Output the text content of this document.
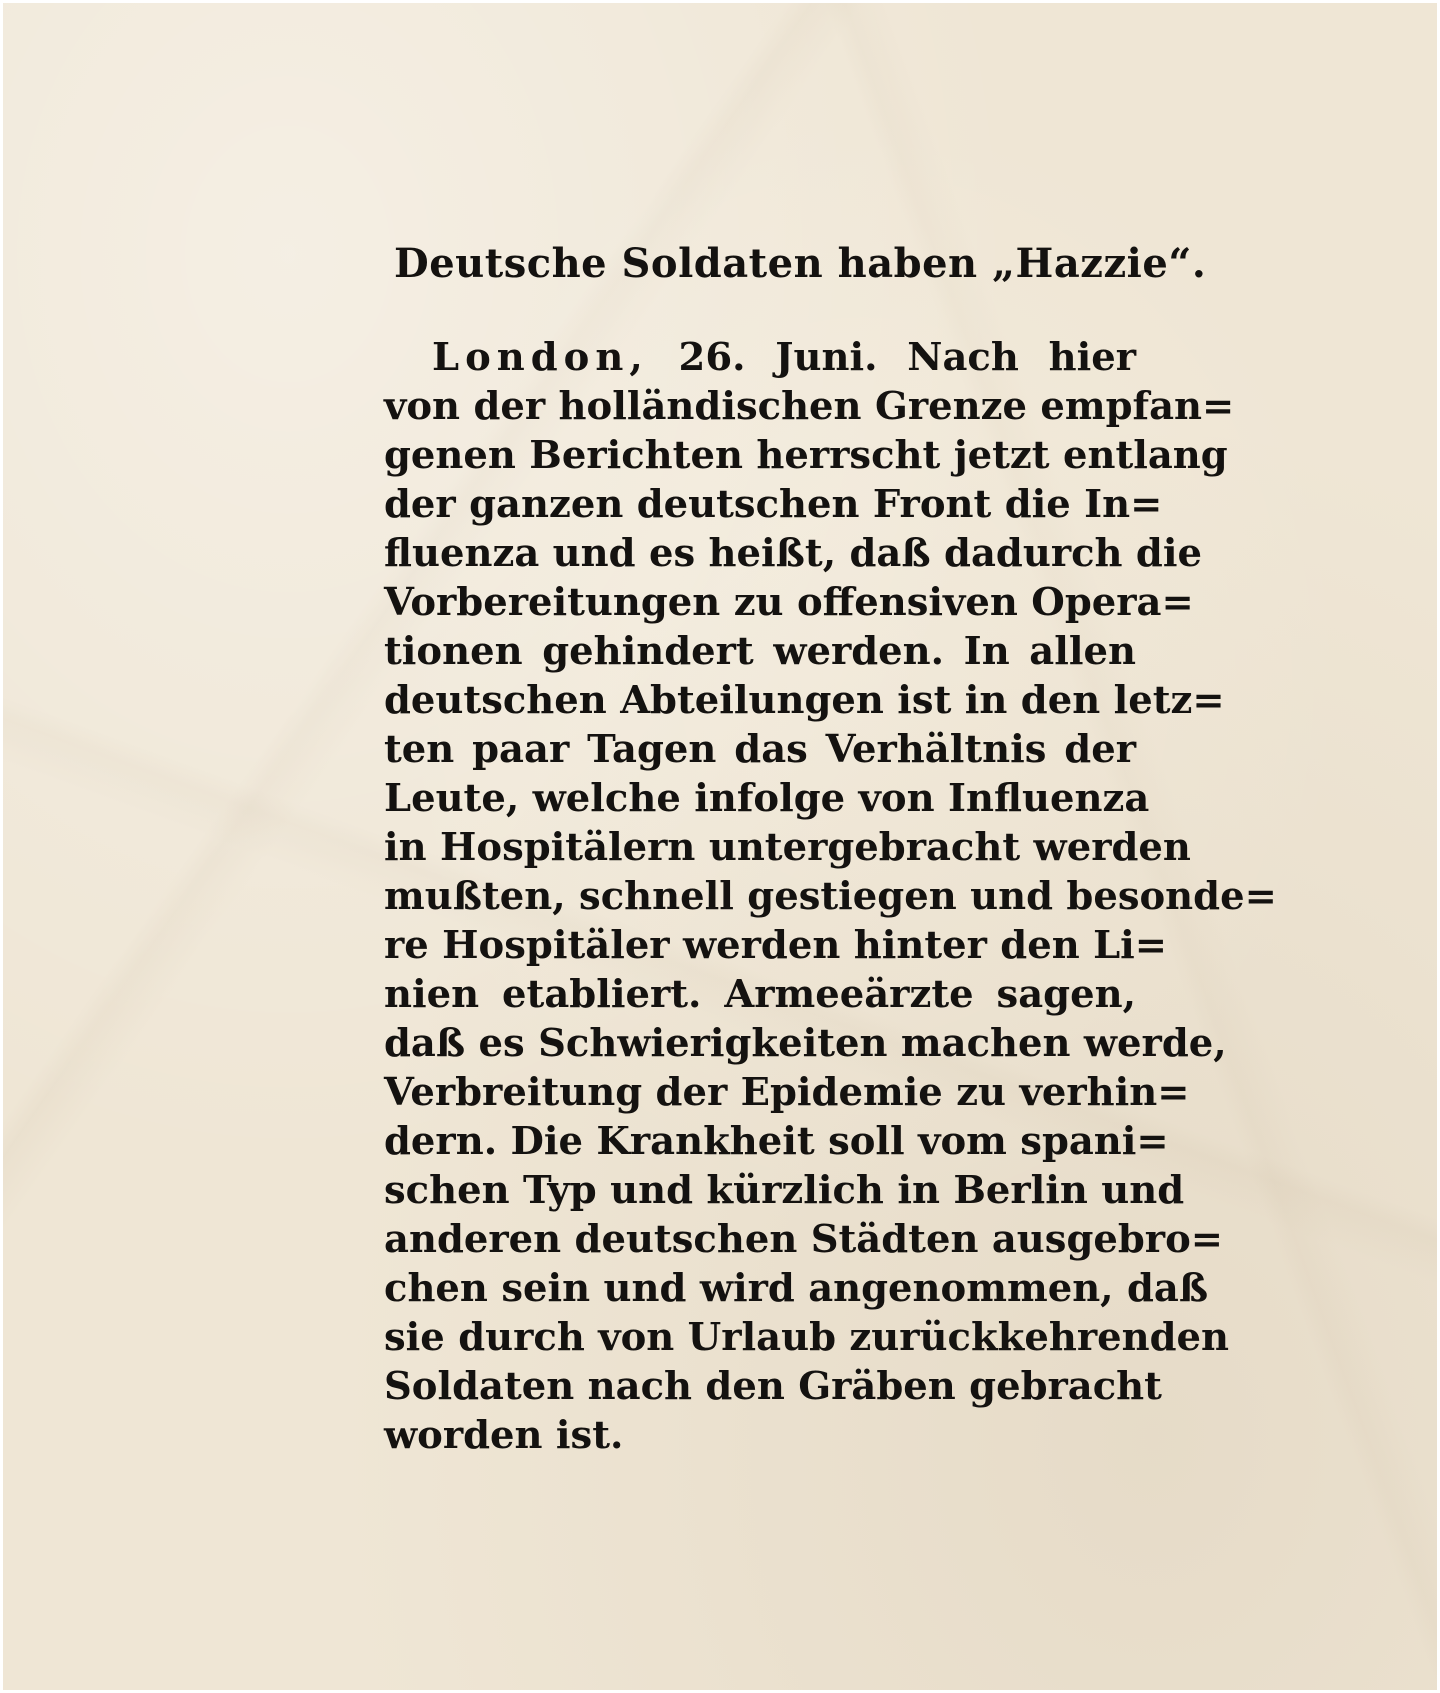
Deutsche Soldaten haben „Hazzie“.
London, 26. Juni. Nach hier
von der holländischen Grenze empfan=
genen Berichten herrscht jetzt entlang
der ganzen deutschen Front die In=
fluenza und es heißt, daß dadurch die
Vorbereitungen zu offensiven Opera=
tionen gehindert werden. In allen
deutschen Abteilungen ist in den letz=
ten paar Tagen das Verhältnis der
Leute, welche infolge von Influenza
in Hospitälern untergebracht werden
mußten, schnell gestiegen und besonde=
re Hospitäler werden hinter den Li=
nien etabliert. Armeeärzte sagen,
daß es Schwierigkeiten machen werde,
Verbreitung der Epidemie zu verhin=
dern. Die Krankheit soll vom spani=
schen Typ und kürzlich in Berlin und
anderen deutschen Städten ausgebro=
chen sein und wird angenommen, daß
sie durch von Urlaub zurückkehrenden
Soldaten nach den Gräben gebracht
worden ist.
